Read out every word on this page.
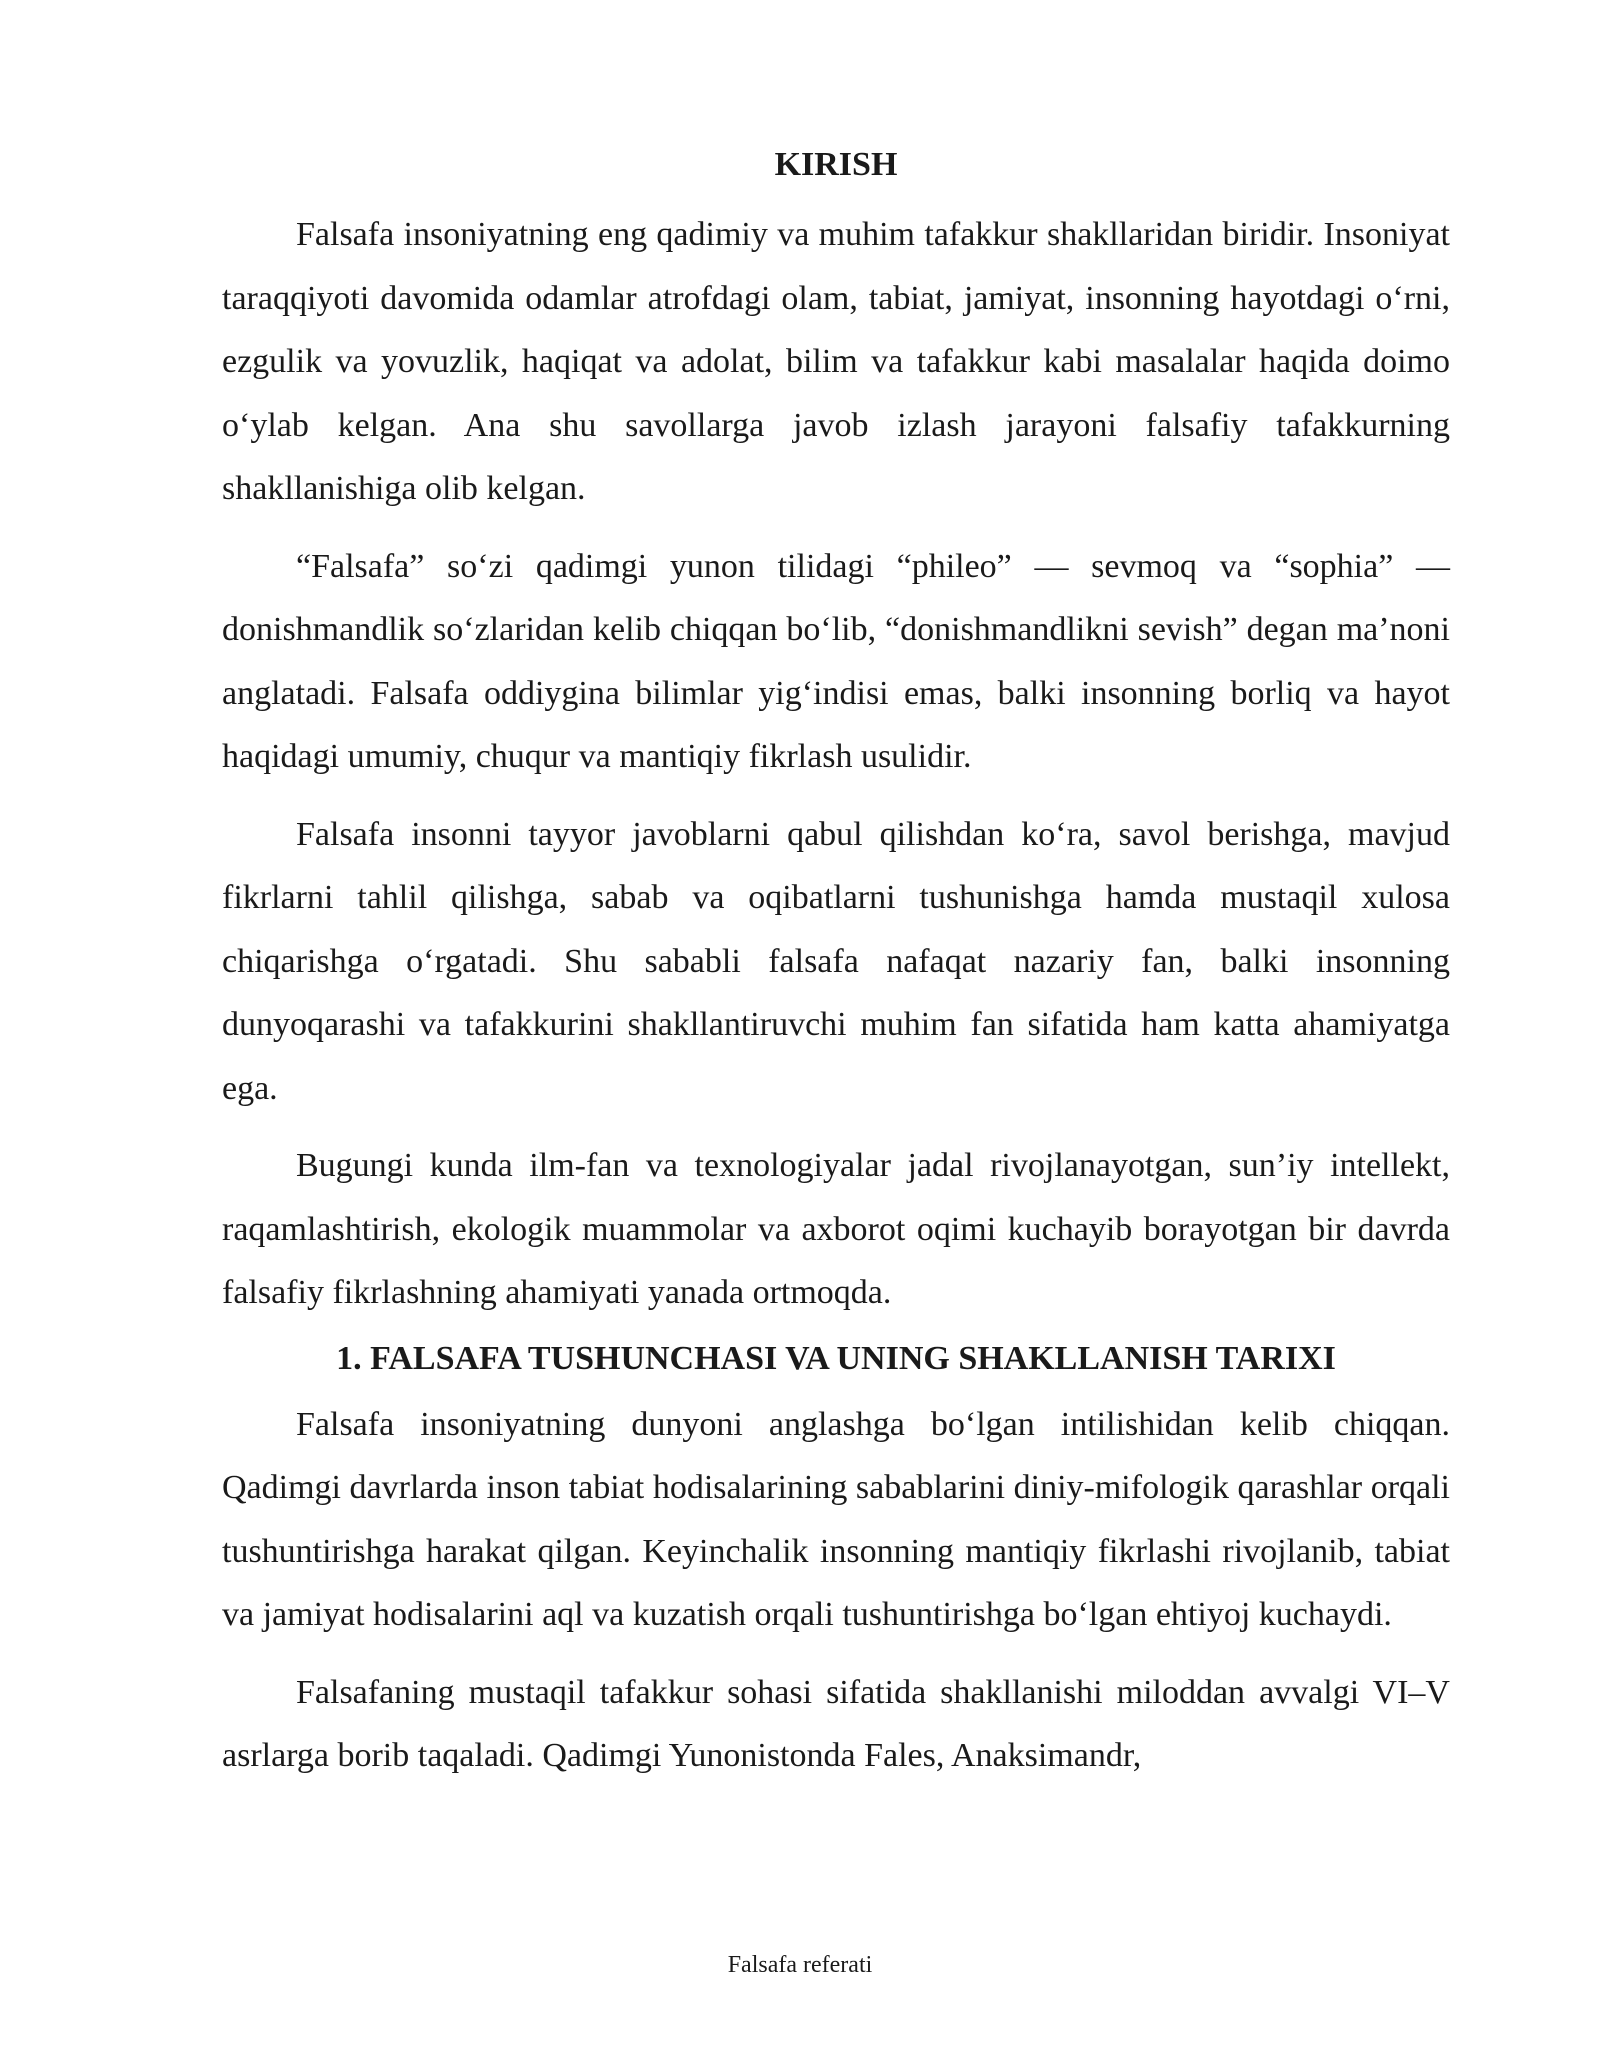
KIRISH

Falsafa insoniyatning eng qadimiy va muhim tafakkur shakllaridan biridir. Insoniyat taraqqiyoti davomida odamlar atrofdagi olam, tabiat, jamiyat, insonning hayotdagi o‘rni, ezgulik va yovuzlik, haqiqat va adolat, bilim va tafakkur kabi masalalar haqida doimo o‘ylab kelgan. Ana shu savollarga javob izlash jarayoni falsafiy tafakkurning shakllanishiga olib kelgan.

“Falsafa” so‘zi qadimgi yunon tilidagi “phileo” — sevmoq va “sophia” — donishmandlik so‘zlaridan kelib chiqqan bo‘lib, “donishmandlikni sevish” degan ma’noni anglatadi. Falsafa oddiygina bilimlar yig‘indisi emas, balki insonning borliq va hayot haqidagi umumiy, chuqur va mantiqiy fikrlash usulidir.

Falsafa insonni tayyor javoblarni qabul qilishdan ko‘ra, savol berishga, mavjud fikrlarni tahlil qilishga, sabab va oqibatlarni tushunishga hamda mustaqil xulosa chiqarishga o‘rgatadi. Shu sababli falsafa nafaqat nazariy fan, balki insonning dunyoqarashi va tafakkurini shakllantiruvchi muhim fan sifatida ham katta ahamiyatga ega.

Bugungi kunda ilm-fan va texnologiyalar jadal rivojlanayotgan, sun’iy intellekt, raqamlashtirish, ekologik muammolar va axborot oqimi kuchayib borayotgan bir davrda falsafiy fikrlashning ahamiyati yanada ortmoqda.

1. FALSAFA TUSHUNCHASI VA UNING SHAKLLANISH TARIXI

Falsafa insoniyatning dunyoni anglashga bo‘lgan intilishidan kelib chiqqan. Qadimgi davrlarda inson tabiat hodisalarining sabablarini diniy-mifologik qarashlar orqali tushuntirishga harakat qilgan. Keyinchalik insonning mantiqiy fikrlashi rivojlanib, tabiat va jamiyat hodisalarini aql va kuzatish orqali tushuntirishga bo‘lgan ehtiyoj kuchaydi.

Falsafaning mustaqil tafakkur sohasi sifatida shakllanishi miloddan avvalgi VI–V asrlarga borib taqaladi. Qadimgi Yunonistonda Fales, Anaksimandr,

Falsafa referati
